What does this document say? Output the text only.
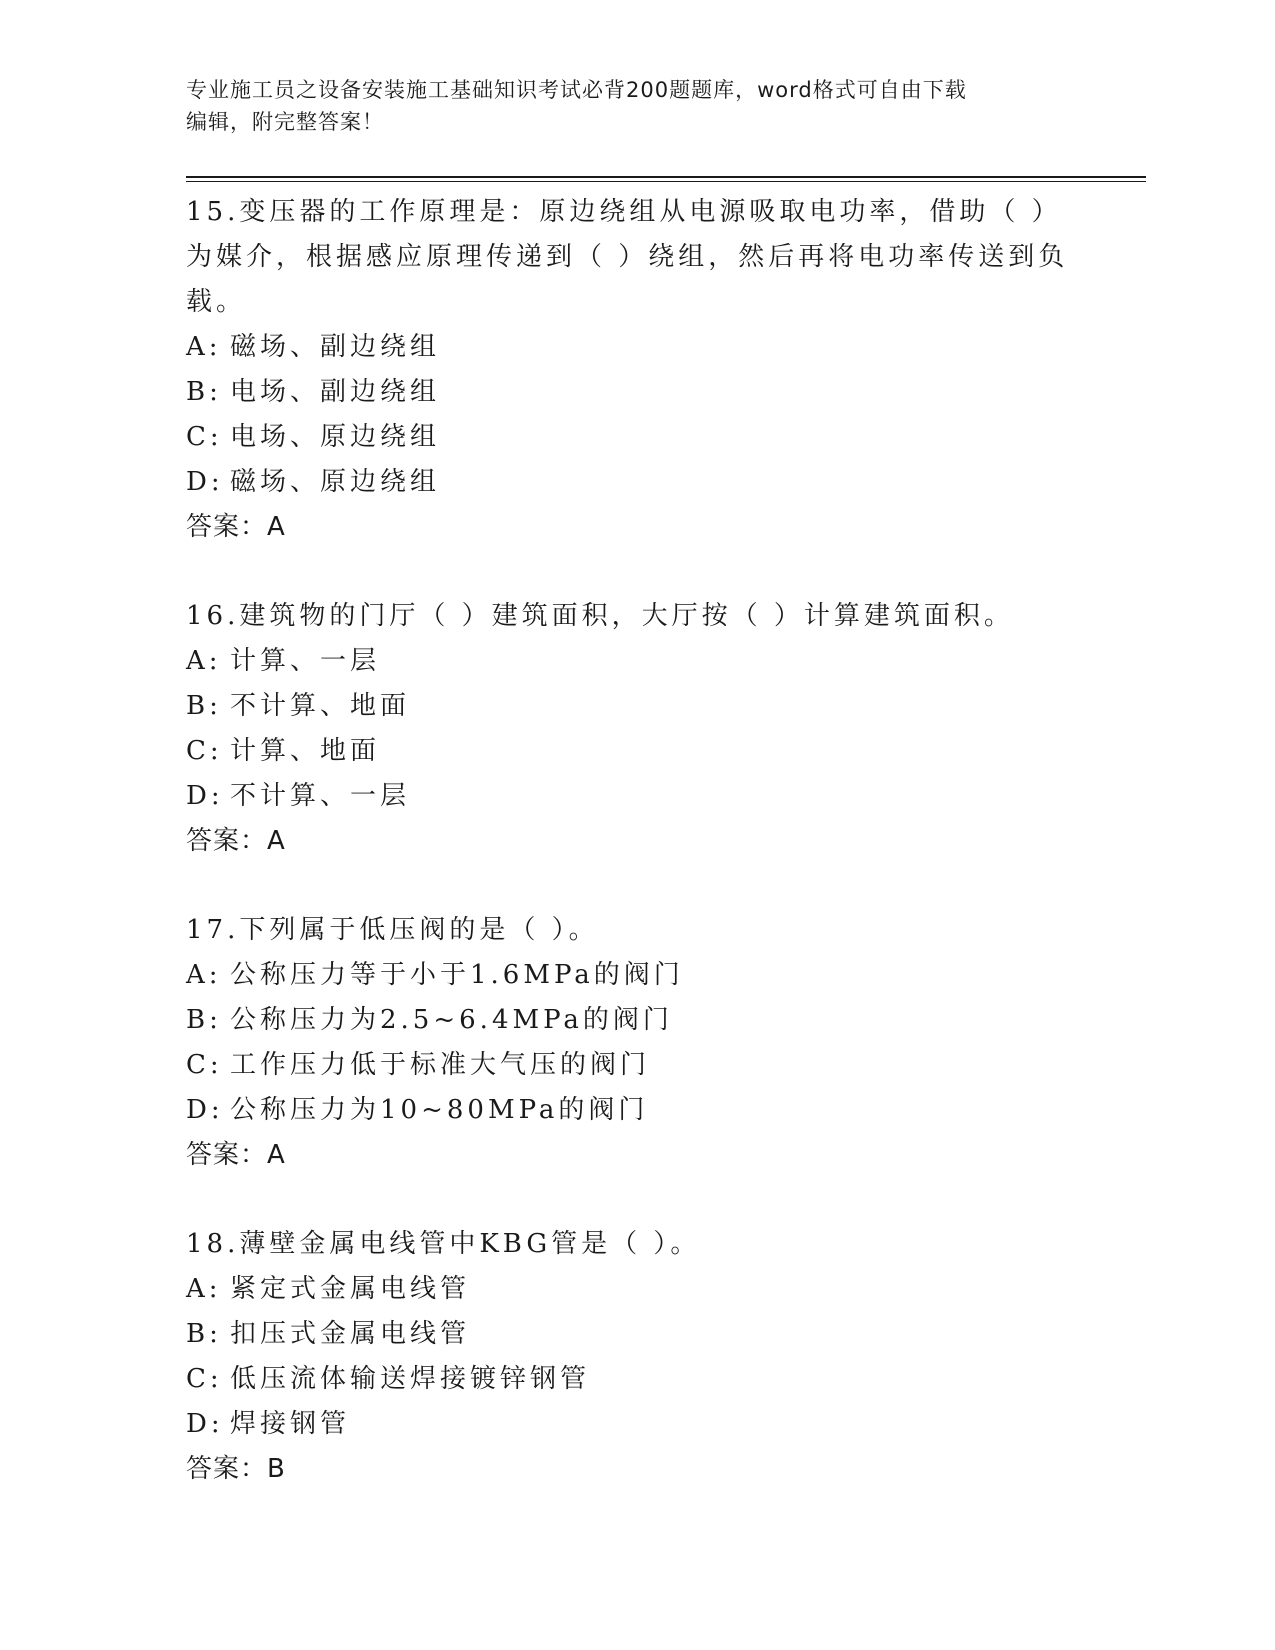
专业施工员之设备安装施工基础知识考试必背200题题库，word格式可自由下载
编辑，附完整答案！

15.变压器的工作原理是：原边绕组从电源吸取电功率，借助（ ）为媒介，根据感应原理传递到（ ）绕组，然后再将电功率传送到负载。

A: 磁场、副边绕组
B: 电场、副边绕组
C: 电场、原边绕组
D: 磁场、原边绕组
答案：A

16.建筑物的门厅（ ）建筑面积，大厅按（ ）计算建筑面积。

A: 计算、一层
B: 不计算、地面
C: 计算、地面
D: 不计算、一层
答案：A

17.下列属于低压阀的是（ ）。

A: 公称压力等于小于1.6MPa的阀门
B: 公称压力为2.5~6.4MPa的阀门
C: 工作压力低于标准大气压的阀门
D: 公称压力为10~80MPa的阀门
答案：A

18.薄壁金属电线管中KBG管是（ ）。

A: 紧定式金属电线管
B: 扣压式金属电线管
C: 低压流体输送焊接镀锌钢管
D: 焊接钢管
答案：B
